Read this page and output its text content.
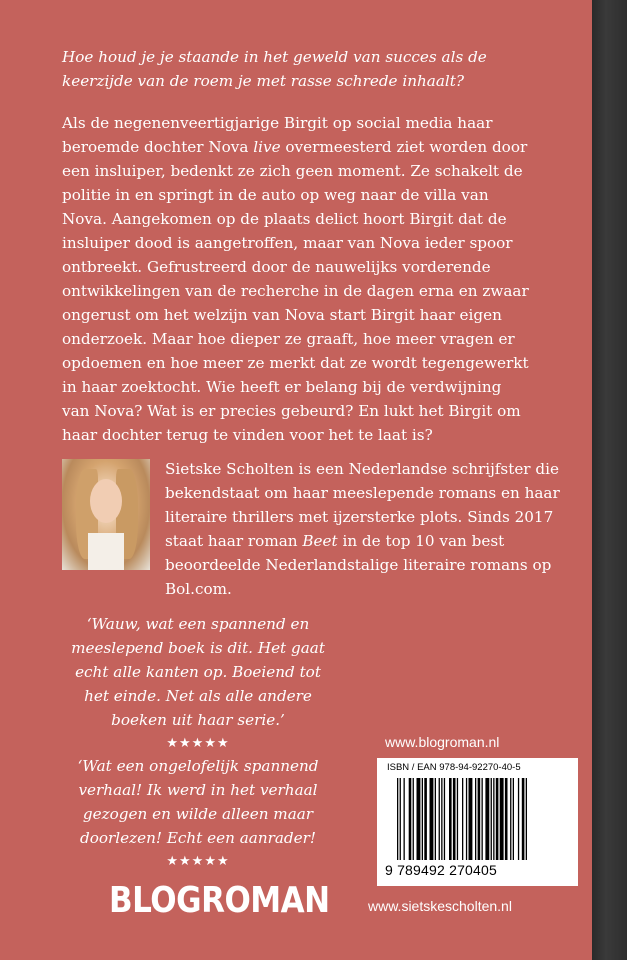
Hoe houd je je staande in het geweld van succes als de keerzijde van de roem je met rasse schrede inhaalt?
Als de negenenveertigjarige Birgit op social media haar beroemde dochter Nova live overmeesterd ziet worden door een insluiper, bedenkt ze zich geen moment. Ze schakelt de politie in en springt in de auto op weg naar de villa van Nova. Aangekomen op de plaats delict hoort Birgit dat de insluiper dood is aangetroffen, maar van Nova ieder spoor ontbreekt. Gefrustreerd door de nauwelijks vorderende ontwikkelingen van de recherche in de dagen erna en zwaar ongerust om het welzijn van Nova start Birgit haar eigen onderzoek. Maar hoe dieper ze graaft, hoe meer vragen er opdoemen en hoe meer ze merkt dat ze wordt tegengewerkt in haar zoektocht. Wie heeft er belang bij de verdwijning van Nova? Wat is er precies gebeurd? En lukt het Birgit om haar dochter terug te vinden voor het te laat is?
Sietske Scholten is een Nederlandse schrijfster die bekendstaat om haar meeslepende romans en haar literaire thrillers met ijzersterke plots. Sinds 2017 staat haar roman Beet in de top 10 van best beoordeelde Nederlandstalige literaire romans op Bol.com.
‘Wauw, wat een spannend en meeslepend boek is dit. Het gaat echt alle kanten op. Boeiend tot het einde. Net als alle andere boeken uit haar serie.’
★★★★★
‘Wat een ongelofelijk spannend verhaal! Ik werd in het verhaal gezogen en wilde alleen maar doorlezen! Echt een aanrader!
★★★★★
BLOGROMAN
www.blogroman.nl
ISBN / EAN 978-94-92270-40-5
9 789492 270405
www.sietskescholten.nl
